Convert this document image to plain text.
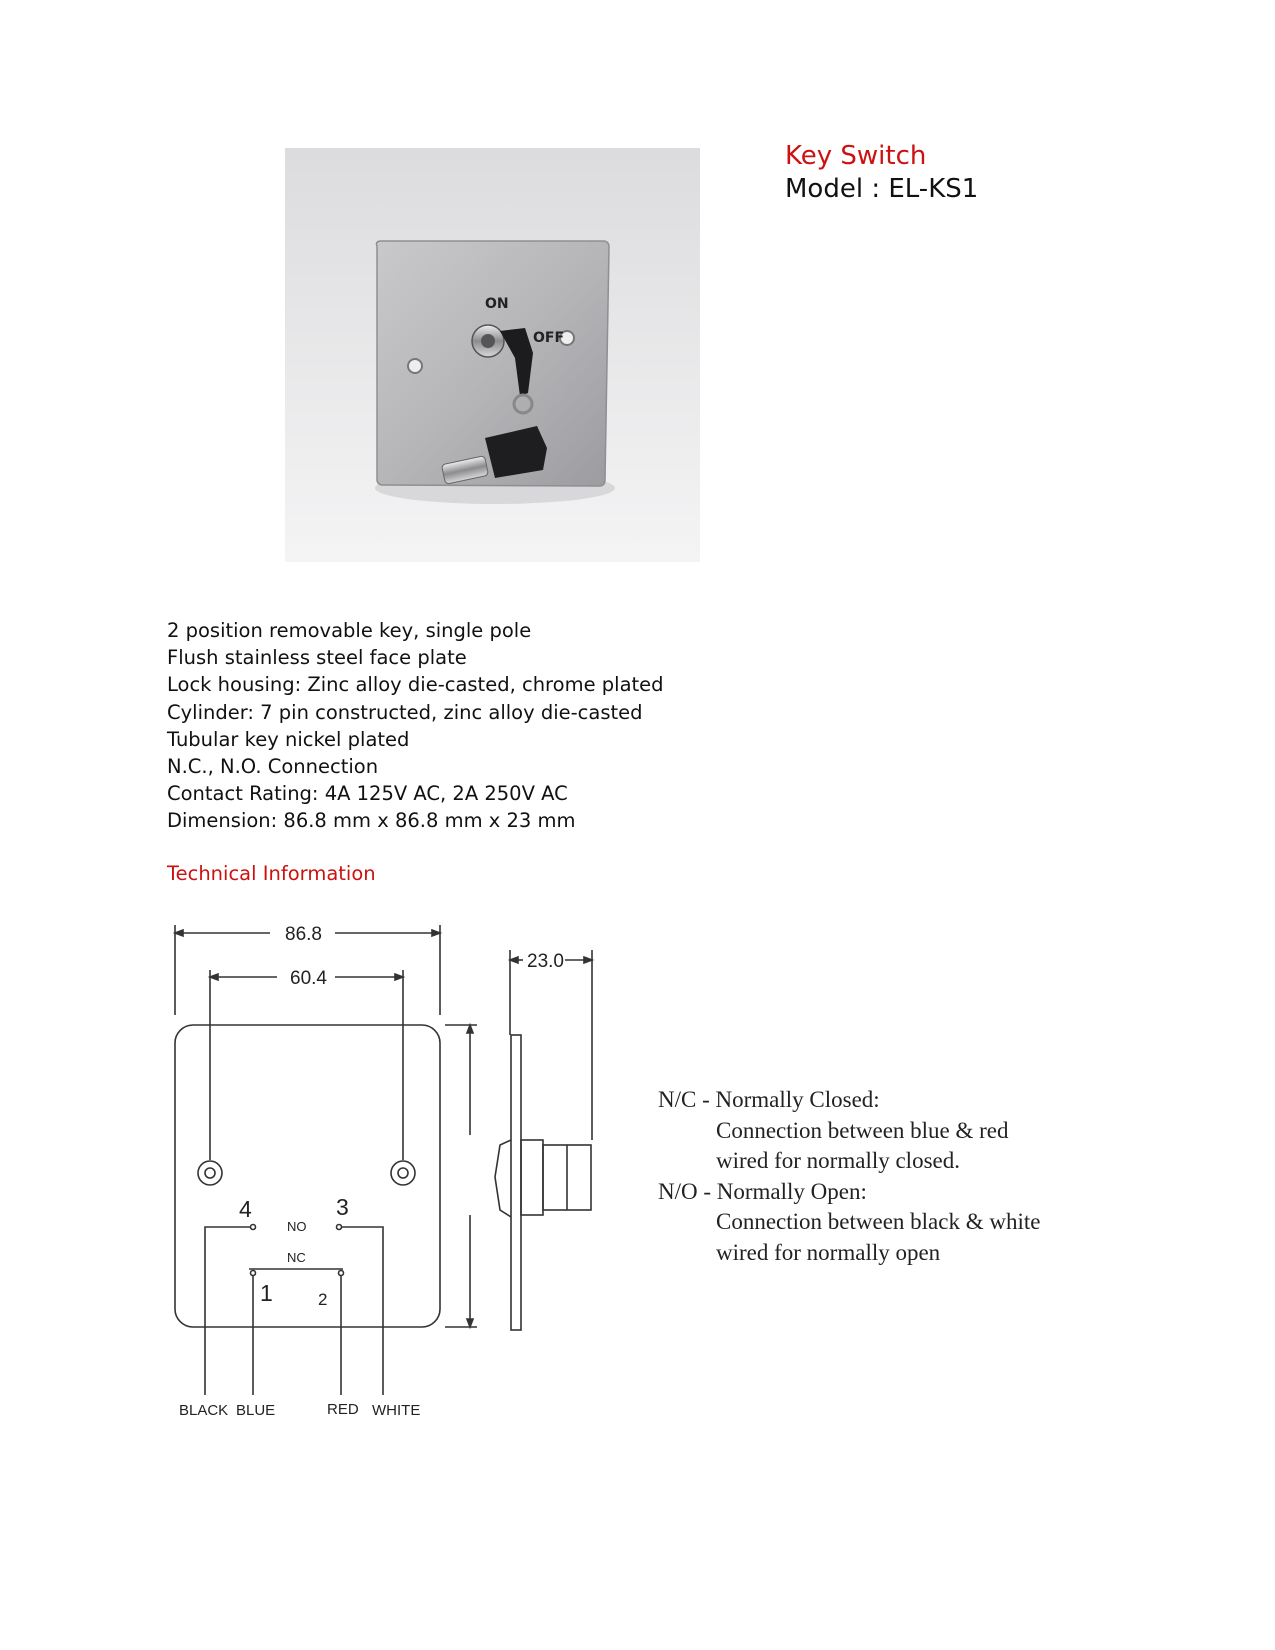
ON
OFF
Key Switch
Model : EL-KS1
2 position removable key, single pole
Flush stainless steel face plate
Lock housing: Zinc alloy die-casted, chrome plated
Cylinder: 7 pin constructed, zinc alloy die-casted
Tubular key nickel plated
N.C., N.O. Connection
Contact Rating: 4A 125V AC, 2A 250V AC
Dimension: 86.8 mm x 86.8 mm x 23 mm
Technical Information
86.8
60.4
4	3
NO
NC
1	2
BLACK BLUE	RED WHITE
23.0
N/C - Normally Closed:
Connection between blue & red
wired for normally closed.
N/O - Normally Open:
Connection between black & white
wired for normally open
